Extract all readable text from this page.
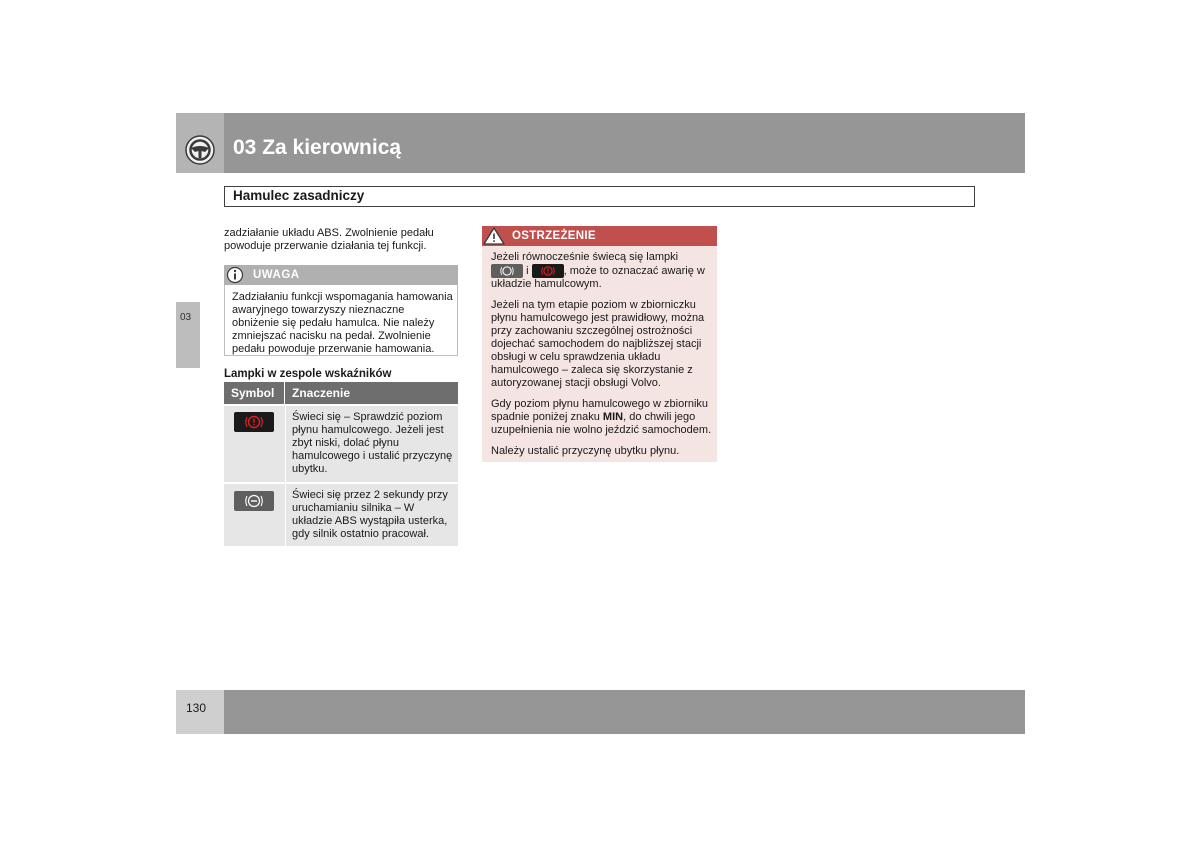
03 Za kierownicą
Hamulec zasadniczy
03
zadziałanie układu ABS. Zwolnienie pedału powoduje przerwanie działania tej funkcji.
UWAGA
Zadziałaniu funkcji wspomagania hamowania awaryjnego towarzyszy nieznaczne obniżenie się pedału hamulca. Nie należy zmniejszać nacisku na pedał. Zwolnienie pedału powoduje przerwanie hamowania.
Lampki w zespole wskaźników
Symbol	Znaczenie
Świeci się – Sprawdzić poziom płynu hamulcowego. Jeżeli jest zbyt niski, dolać płynu hamulcowego i ustalić przyczynę ubytku.
Świeci się przez 2 sekundy przy uruchamianiu silnika – W układzie ABS wystąpiła usterka, gdy silnik ostatnio pracował.
OSTRZEŻENIE

Jeżeli równocześnie świecą się lampki

i	, może to oznaczać awarię w układzie hamulcowym.

Jeżeli na tym etapie poziom w zbiorniczku płynu hamulcowego jest prawidłowy, można przy zachowaniu szczególnej ostrożności dojechać samochodem do najbliższej stacji obsługi w celu sprawdzenia układu hamulcowego – zaleca się skorzystanie z autoryzowanej stacji obsługi Volvo.

Gdy poziom płynu hamulcowego w zbiorniku spadnie poniżej znaku MIN, do chwili jego uzupełnienia nie wolno jeździć samochodem.

Należy ustalić przyczynę ubytku płynu.

130
